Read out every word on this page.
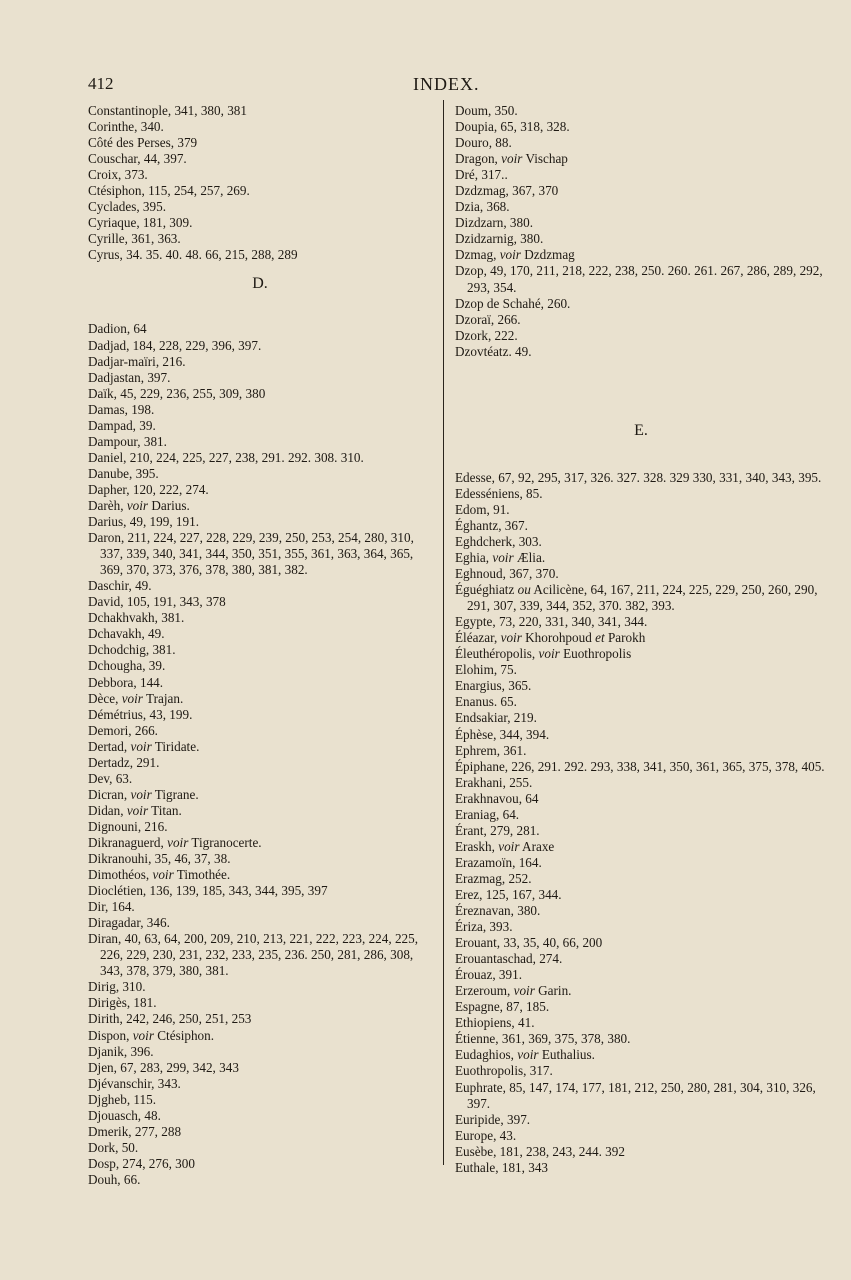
412	INDEX.
Constantinople, 341, 380, 381
Corinthe, 340.
Côté des Perses, 379
Couschar, 44, 397.
Croix, 373.
Ctésiphon, 115, 254, 257, 269.
Cyclades, 395.
Cyriaque, 181, 309.
Cyrille, 361, 363.
Cyrus, 34. 35. 40. 48. 66, 215, 288, 289
D.
Dadion, 64
Dadjad, 184, 228, 229, 396, 397.
Dadjar-maïri, 216.
Dadjastan, 397.
Daïk, 45, 229, 236, 255, 309, 380
Damas, 198.
Dampad, 39.
Dampour, 381.
Daniel, 210, 224, 225, 227, 238, 291. 292. 308. 310.
Danube, 395.
Dapher, 120, 222, 274.
Darèh, voir Darius.
Darius, 49, 199, 191.
Daron, 211, 224, 227, 228, 229, 239, 250, 253, 254, 280, 310, 337, 339, 340, 341, 344, 350, 351, 355, 361, 363, 364, 365, 369, 370, 373, 376, 378, 380, 381, 382.
Daschir, 49.
David, 105, 191, 343, 378
Dchakhvakh, 381.
Dchavakh, 49.
Dchodchig, 381.
Dchougha, 39.
Debbora, 144.
Dèce, voir Trajan.
Démétrius, 43, 199.
Demori, 266.
Dertad, voir Tiridate.
Dertadz, 291.
Dev, 63.
Dicran, voir Tigrane.
Didan, voir Titan.
Dignouni, 216.
Dikranaguerd, voir Tigranocerte.
Dikranouhi, 35, 46, 37, 38.
Dimothéos, voir Timothée.
Dioclétien, 136, 139, 185, 343, 344, 395, 397
Dir, 164.
Diragadar, 346.
Diran, 40, 63, 64, 200, 209, 210, 213, 221, 222, 223, 224, 225, 226, 229, 230, 231, 232, 233, 235, 236. 250, 281, 286, 308, 343, 378, 379, 380, 381.
Dirig, 310.
Dirigès, 181.
Dirith, 242, 246, 250, 251, 253
Dispon, voir Ctésiphon.
Djanik, 396.
Djen, 67, 283, 299, 342, 343
Djévanschir, 343.
Djgheb, 115.
Djouasch, 48.
Dmerik, 277, 288
Dork, 50.
Dosp, 274, 276, 300
Douh, 66.
Doum, 350.
Doupia, 65, 318, 328.
Douro, 88.
Dragon, voir Vischap
Dré, 317..
Dzdzmag, 367, 370
Dzia, 368.
Dizdzarn, 380.
Dzidzarnig, 380.
Dzmag, voir Dzdzmag
Dzop, 49, 170, 211, 218, 222, 238, 250. 260. 261. 267, 286, 289, 292, 293, 354.
Dzop de Schahé, 260.
Dzoraï, 266.
Dzork, 222.
Dzovtéatz. 49.
E.
Edesse, 67, 92, 295, 317, 326. 327. 328. 329 330, 331, 340, 343, 395.
Edesséniens, 85.
Edom, 91.
Éghantz, 367.
Eghdcherk, 303.
Eghia, voir Ælia.
Eghnoud, 367, 370.
Éguéghiatz ou Acilicène, 64, 167, 211, 224, 225, 229, 250, 260, 290, 291, 307, 339, 344, 352, 370. 382, 393.
Egypte, 73, 220, 331, 340, 341, 344.
Éléazar, voir Khorohpoud et Parokh
Éleuthéropolis, voir Euothropolis
Elohim, 75.
Enargius, 365.
Enanus. 65.
Endsakiar, 219.
Éphèse, 344, 394.
Ephrem, 361.
Épiphane, 226, 291. 292. 293, 338, 341, 350, 361, 365, 375, 378, 405.
Erakhani, 255.
Erakhnavou, 64
Eraniag, 64.
Érant, 279, 281.
Eraskh, voir Araxe
Erazamoïn, 164.
Erazmag, 252.
Erez, 125, 167, 344.
Éreznavan, 380.
Ériza, 393.
Erouant, 33, 35, 40, 66, 200
Erouantaschad, 274.
Érouaz, 391.
Erzeroum, voir Garin.
Espagne, 87, 185.
Ethiopiens, 41.
Étienne, 361, 369, 375, 378, 380.
Eudaghios, voir Euthalius.
Euothropolis, 317.
Euphrate, 85, 147, 174, 177, 181, 212, 250, 280, 281, 304, 310, 326, 397.
Euripide, 397.
Europe, 43.
Eusèbe, 181, 238, 243, 244. 392
Euthale, 181, 343
